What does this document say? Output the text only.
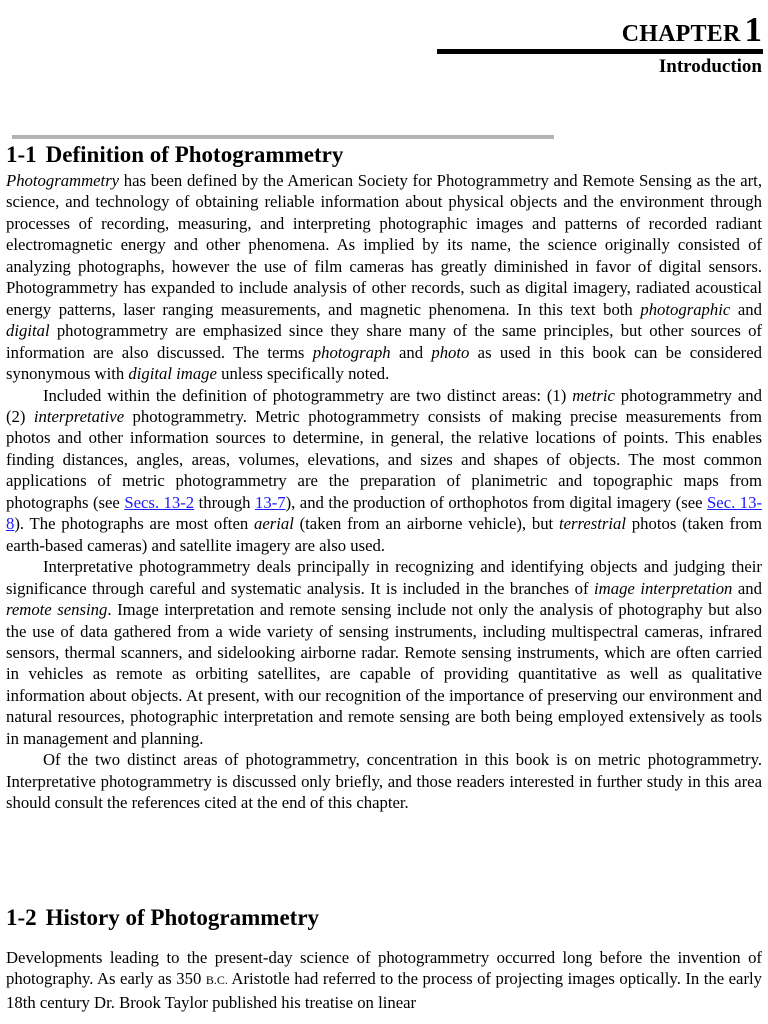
CHAPTER 1
Introduction
1-1 Definition of Photogrammetry

Photogrammetry has been defined by the American Society for Photogrammetry and Remote Sensing as the art, science, and technology of obtaining reliable information about physical objects and the environment through processes of recording, measuring, and interpreting photographic images and patterns of recorded radiant electromagnetic energy and other phenomena. As implied by its name, the science originally consisted of analyzing photographs, however the use of film cameras has greatly diminished in favor of digital sensors. Photogrammetry has expanded to include analysis of other records, such as digital imagery, radiated acoustical energy patterns, laser ranging measurements, and magnetic phenomena. In this text both photographic and digital photogrammetry are emphasized since they share many of the same principles, but other sources of information are also discussed. The terms photograph and photo as used in this book can be considered synonymous with digital image unless specifically noted.

Included within the definition of photogrammetry are two distinct areas: (1) metric photogrammetry and (2) interpretative photogrammetry. Metric photogrammetry consists of making precise measurements from photos and other information sources to determine, in general, the relative locations of points. This enables finding distances, angles, areas, volumes, elevations, and sizes and shapes of objects. The most common applications of metric photogrammetry are the preparation of planimetric and topographic maps from photographs (see Secs. 13-2 through 13-7), and the production of orthophotos from digital imagery (see Sec. 13-8). The photographs are most often aerial (taken from an airborne vehicle), but terrestrial photos (taken from earth-based cameras) and satellite imagery are also used.

Interpretative photogrammetry deals principally in recognizing and identifying objects and judging their significance through careful and systematic analysis. It is included in the branches of image interpretation and remote sensing. Image interpretation and remote sensing include not only the analysis of photography but also the use of data gathered from a wide variety of sensing instruments, including multispectral cameras, infrared sensors, thermal scanners, and sidelooking airborne radar. Remote sensing instruments, which are often carried in vehicles as remote as orbiting satellites, are capable of providing quantitative as well as qualitative information about objects. At present, with our recognition of the importance of preserving our environment and natural resources, photographic interpretation and remote sensing are both being employed extensively as tools in management and planning.

Of the two distinct areas of photogrammetry, concentration in this book is on metric photogrammetry. Interpretative photogrammetry is discussed only briefly, and those readers interested in further study in this area should consult the references cited at the end of this chapter.

1-2 History of Photogrammetry

Developments leading to the present-day science of photogrammetry occurred long before the invention of photography. As early as 350 B.C. Aristotle had referred to the process of projecting images optically. In the early 18th century Dr. Brook Taylor published his treatise on linear
